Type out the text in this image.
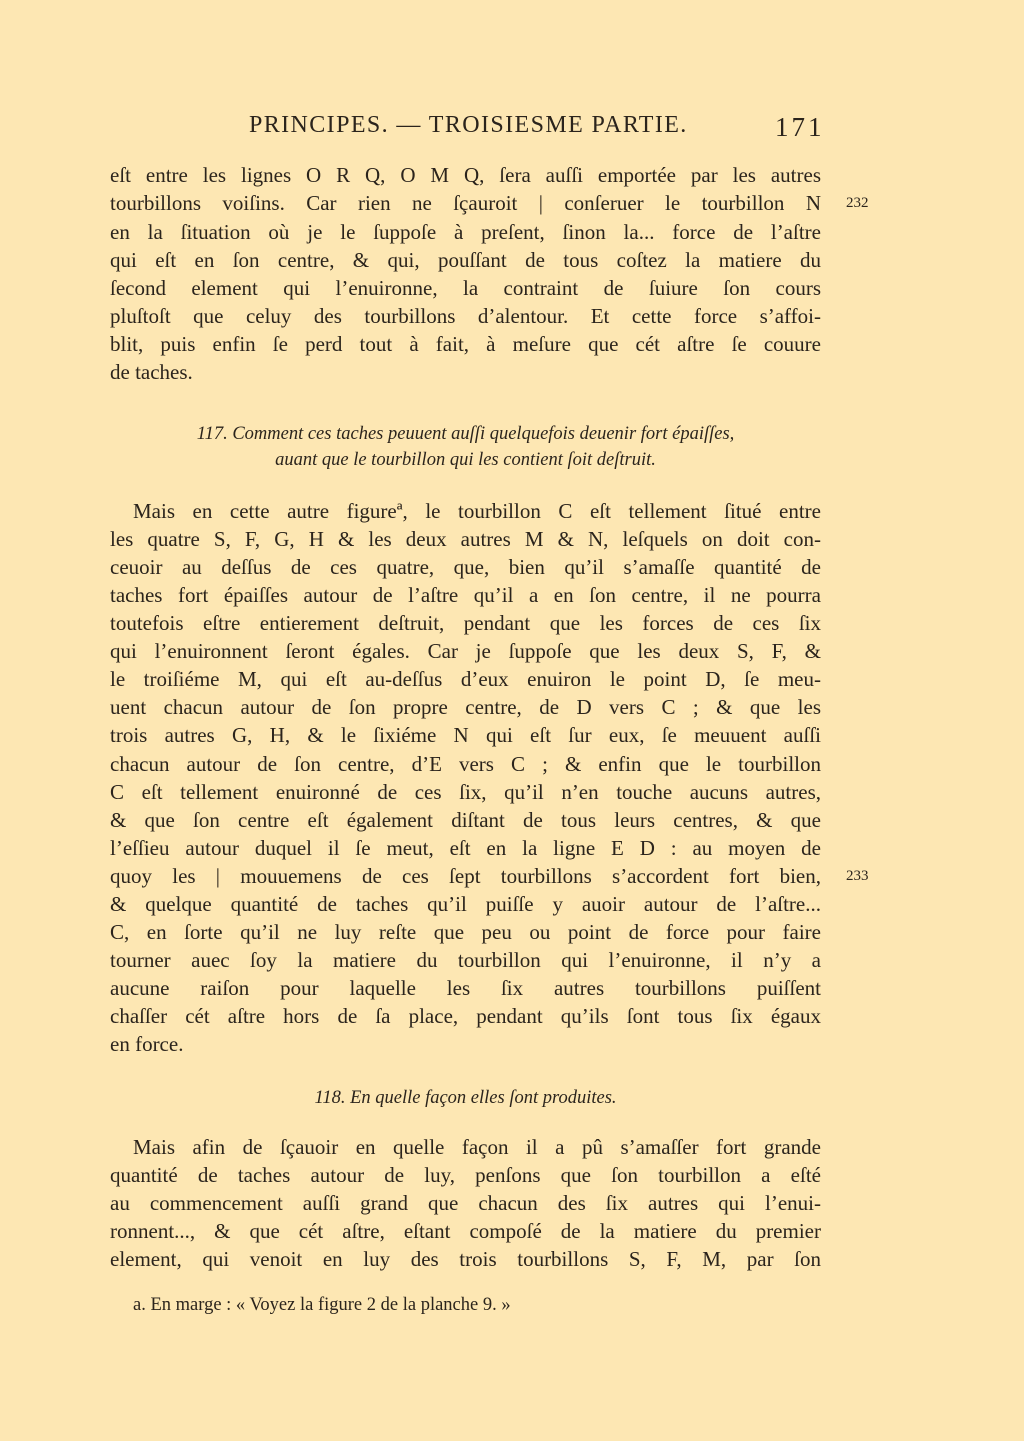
PRINCIPES. — TROISIESME PARTIE.	171
eſt entre les lignes O R Q, O M Q, ſera auſſi emportée par les autres
tourbillons voiſins. Car rien ne ſçauroit | conſeruer le tourbillon N
en la ſituation où je le ſuppoſe à preſent, ſinon la... force de l’aſtre
qui eſt en ſon centre, & qui, pouſſant de tous coſtez la matiere du
ſecond element qui l’enuironne, la contraint de ſuiure ſon cours
pluſtoſt que celuy des tourbillons d’alentour. Et cette force s’affoi-
blit, puis enfin ſe perd tout à fait, à meſure que cét aſtre ſe couure
de taches.
232
117. Comment ces taches peuuent auſſi quelquefois deuenir fort épaiſſes,
auant que le tourbillon qui les contient ſoit deſtruit.
Mais en cette autre figureª, le tourbillon C eſt tellement ſitué entre
les quatre S, F, G, H & les deux autres M & N, leſquels on doit con-
ceuoir au deſſus de ces quatre, que, bien qu’il s’amaſſe quantité de
taches fort épaiſſes autour de l’aſtre qu’il a en ſon centre, il ne pourra
toutefois eſtre entierement deſtruit, pendant que les forces de ces ſix
qui l’enuironnent ſeront égales. Car je ſuppoſe que les deux S, F, &
le troiſiéme M, qui eſt au-deſſus d’eux enuiron le point D, ſe meu-
uent chacun autour de ſon propre centre, de D vers C ; & que les
trois autres G, H, & le ſixiéme N qui eſt ſur eux, ſe meuuent auſſi
chacun autour de ſon centre, d’E vers C ; & enfin que le tourbillon
C eſt tellement enuironné de ces ſix, qu’il n’en touche aucuns autres,
& que ſon centre eſt également diſtant de tous leurs centres, & que
l’eſſieu autour duquel il ſe meut, eſt en la ligne E D : au moyen de
quoy les | mouuemens de ces ſept tourbillons s’accordent fort bien,
& quelque quantité de taches qu’il puiſſe y auoir autour de l’aſtre...
C, en ſorte qu’il ne luy reſte que peu ou point de force pour faire
tourner auec ſoy la matiere du tourbillon qui l’enuironne, il n’y a
aucune raiſon pour laquelle les ſix autres tourbillons puiſſent
chaſſer cét aſtre hors de ſa place, pendant qu’ils ſont tous ſix égaux
en force.
233
118. En quelle façon elles ſont produites.
Mais afin de ſçauoir en quelle façon il a pû s’amaſſer fort grande
quantité de taches autour de luy, penſons que ſon tourbillon a eſté
au commencement auſſi grand que chacun des ſix autres qui l’enui-
ronnent..., & que cét aſtre, eſtant compoſé de la matiere du premier
element, qui venoit en luy des trois tourbillons S, F, M, par ſon
a. En marge : « Voyez la figure 2 de la planche 9. »
